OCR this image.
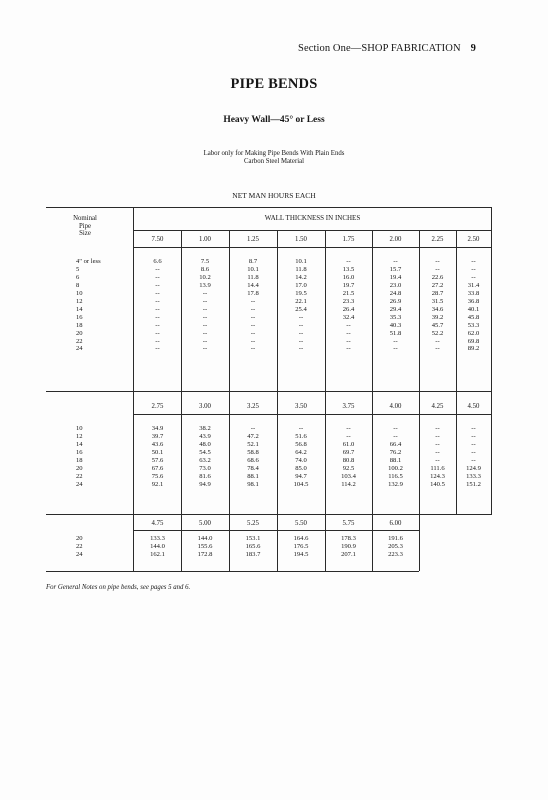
Section One—SHOP FABRICATION 9
PIPE BENDS
Heavy Wall—45° or Less
Labor only for Making Pipe Bends With Plain Ends
Carbon Steel Material
NET MAN HOURS EACH
Nominal
Pipe
Size
WALL THICKNESS IN INCHES
7.50	1.00	1.25	1.50	1.75	2.00	2.25	2.50
4" or less	6.6	7.5	8.7	10.1	--	--	--	--
5	--	8.6	10.1	11.8	13.5	15.7	--	--
6	--	10.2	11.8	14.2	16.0	19.4	22.6	--
8	--	13.9	14.4	17.0	19.7	23.0	27.2	31.4
10	--	--	17.8	19.5	21.5	24.8	28.7	33.8
12	--	--	--	22.1	23.3	26.9	31.5	36.8
14	--	--	--	25.4	26.4	29.4	34.6	40.1
16	--	--	--	--	32.4	35.3	39.2	45.8
18	--	--	--	--	--	40.3	45.7	53.3
20	--	--	--	--	--	51.8	52.2	62.0
22	--	--	--	--	--	--	--	69.8
24	--	--	--	--	--	--	--	89.2
2.75	3.00	3.25	3.50	3.75	4.00	4.25	4.50
10	34.9	38.2	--	--	--	--	--	--
12	39.7	43.9	47.2	51.6	--	--	--	--
14	43.6	48.0	52.1	56.8	61.0	66.4	--	--
16	50.1	54.5	58.8	64.2	69.7	76.2	--	--
18	57.6	63.2	68.6	74.0	80.8	88.1	--	--
20	67.6	73.0	78.4	85.0	92.5	100.2	111.6	124.9
22	75.6	81.6	88.1	94.7	103.4	116.5	124.3	133.3
24	92.1	94.9	98.1	104.5	114.2	132.9	140.5	151.2
4.75	5.00	5.25	5.50	5.75	6.00
20	133.3	144.0	153.1	164.6	178.3	191.6
22	144.0	155.6	165.6	176.5	190.9	205.3
24	162.1	172.8	183.7	194.5	207.1	223.3
For General Notes on pipe bends, see pages 5 and 6.
